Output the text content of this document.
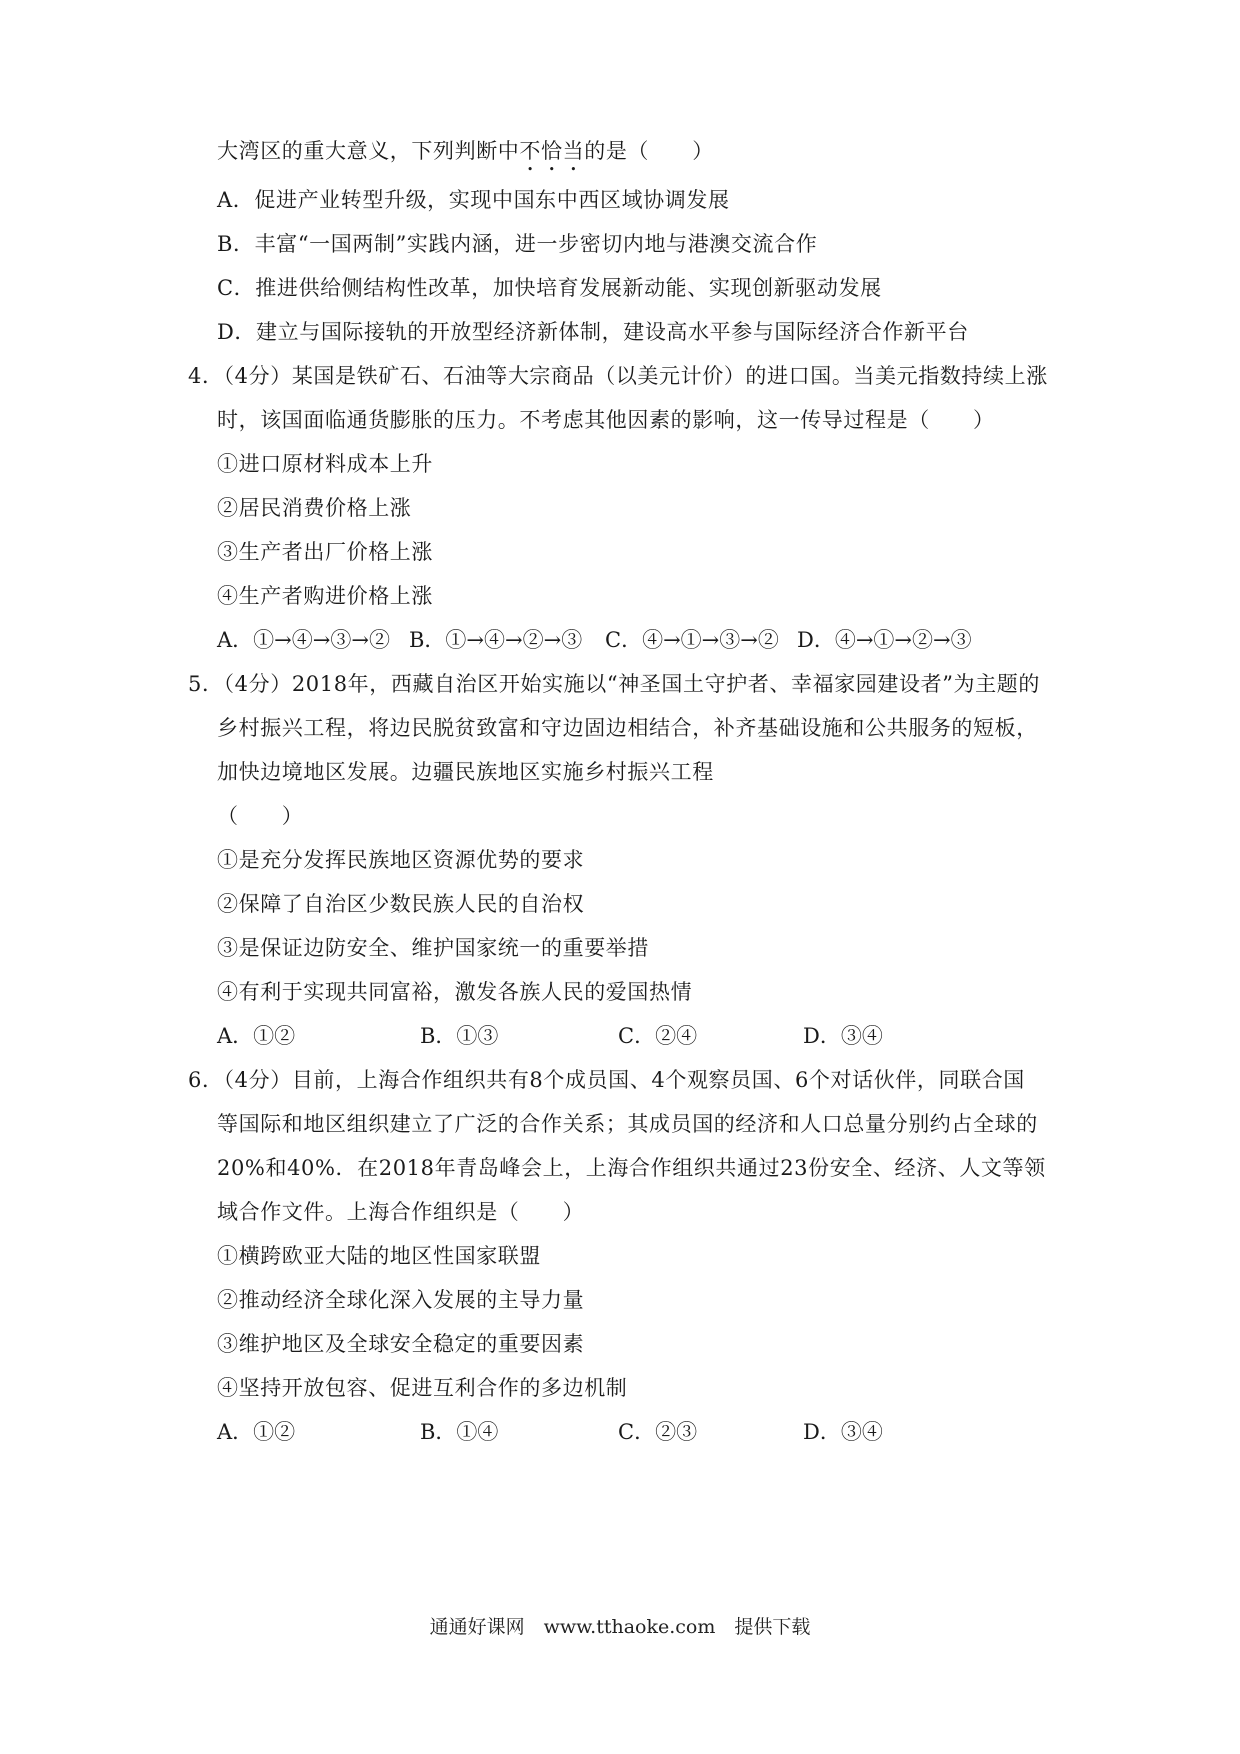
大湾区的重大意义，下列判断中不恰当的是（　　）
A．促进产业转型升级，实现中国东中西区域协调发展
B．丰富“一国两制”实践内涵，进一步密切内地与港澳交流合作
C．推进供给侧结构性改革，加快培育发展新动能、实现创新驱动发展
D．建立与国际接轨的开放型经济新体制，建设高水平参与国际经济合作新平台
4．（4分）某国是铁矿石、石油等大宗商品（以美元计价）的进口国。当美元指数持续上涨
时，该国面临通货膨胀的压力。不考虑其他因素的影响，这一传导过程是（　　）
①进口原材料成本上升
②居民消费价格上涨
③生产者出厂价格上涨
④生产者购进价格上涨
A．①→④→③→② B．①→④→②→③ C．④→①→③→② D．④→①→②→③
5．（4分）2018年，西藏自治区开始实施以“神圣国土守护者、幸福家园建设者”为主题的
乡村振兴工程，将边民脱贫致富和守边固边相结合，补齐基础设施和公共服务的短板，
加快边境地区发展。边疆民族地区实施乡村振兴工程
（　　）
①是充分发挥民族地区资源优势的要求
②保障了自治区少数民族人民的自治权
③是保证边防安全、维护国家统一的重要举措
④有利于实现共同富裕，激发各族人民的爱国热情
A．①②	B．①③	C．②④	D．③④
6．（4分）目前，上海合作组织共有8个成员国、4个观察员国、6个对话伙伴，同联合国
等国际和地区组织建立了广泛的合作关系；其成员国的经济和人口总量分别约占全球的
20%和40%．在2018年青岛峰会上，上海合作组织共通过23份安全、经济、人文等领
域合作文件。上海合作组织是（　　）
①横跨欧亚大陆的地区性国家联盟
②推动经济全球化深入发展的主导力量
③维护地区及全球安全稳定的重要因素
④坚持开放包容、促进互利合作的多边机制
A．①②	B．①④	C．②③	D．③④
通通好课网　www.tthaoke.com　提供下载
